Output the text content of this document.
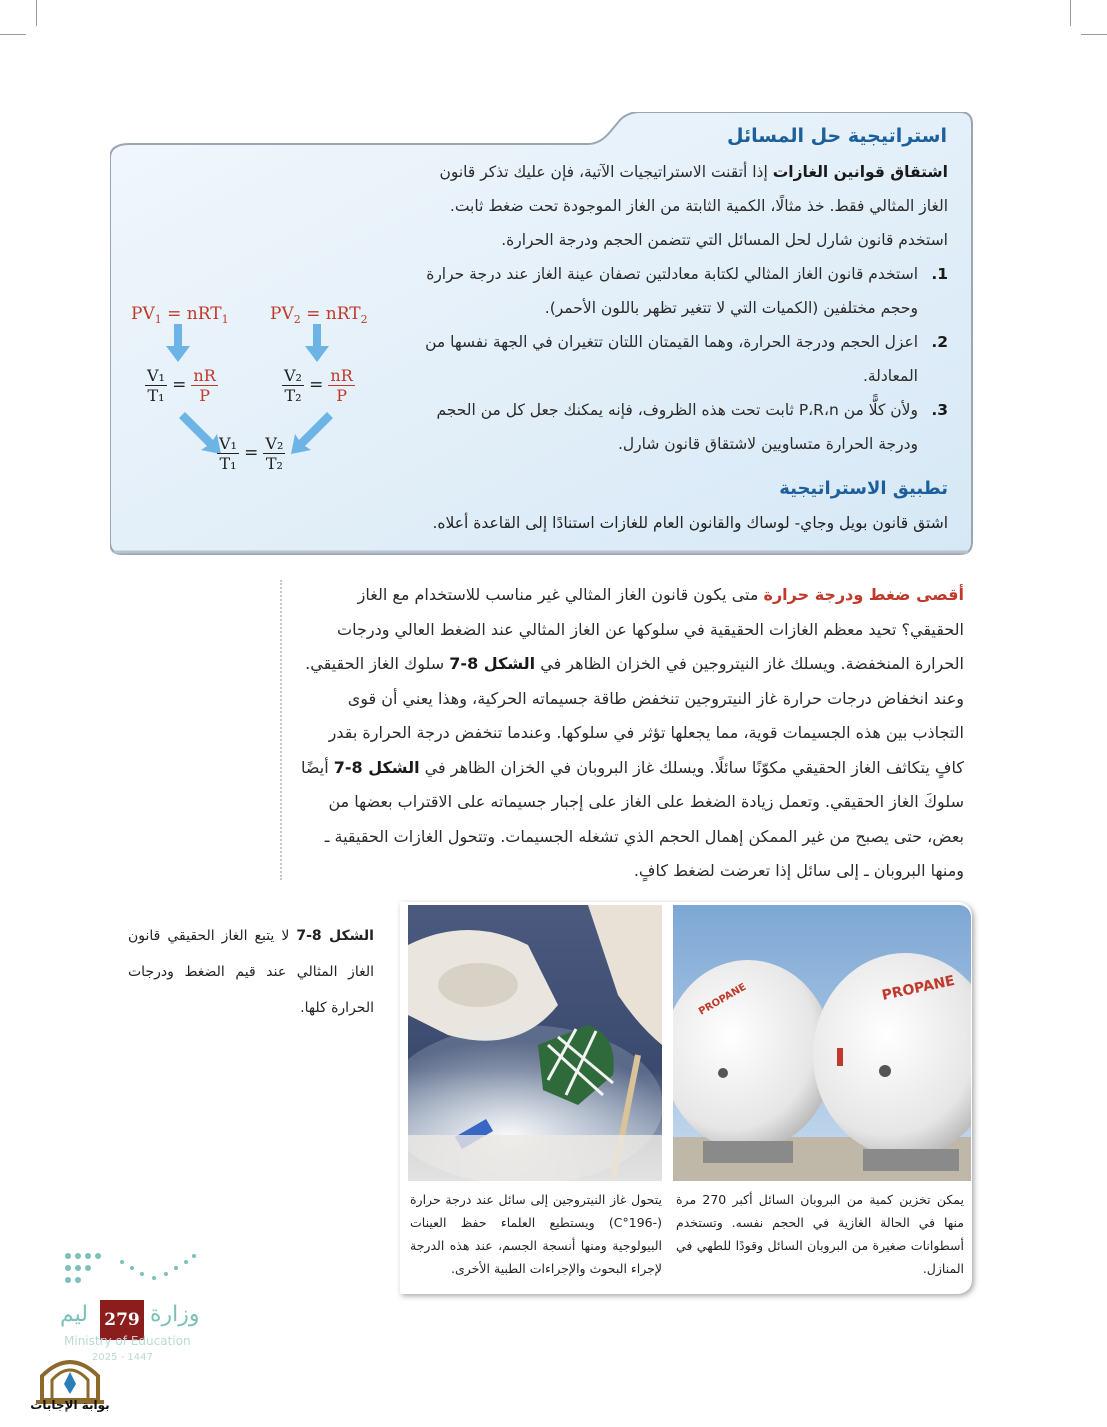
استراتيجية حل المسائل
اشتقاق قوانين الغازات إذا أتقنت الاستراتيجيات الآتية، فإن عليك تذكر قانون الغاز المثالي فقط. خذ مثالًا، الكمية الثابتة من الغاز الموجودة تحت ضغط ثابت. استخدم قانون شارل لحل المسائل التي تتضمن الحجم ودرجة الحرارة.
1.
استخدم قانون الغاز المثالي لكتابة معادلتين تصفان عينة الغاز عند درجة حرارة وحجم مختلفين (الكميات التي لا تتغير تظهر باللون الأحمر).
2.
اعزل الحجم ودرجة الحرارة، وهما القيمتان اللتان تتغيران في الجهة نفسها من المعادلة.
3.
ولأن كلًّا من P،R،n ثابت تحت هذه الظروف، فإنه يمكنك جعل كل من الحجم ودرجة الحرارة متساويين لاشتقاق قانون شارل.
تطبيق الاستراتيجية
اشتق قانون بويل وجاي- لوساك والقانون العام للغازات استنادًا إلى القاعدة أعلاه.
$PV_1 = nRT_1$ $PV_2 = nRT_2$
$\frac{\text{V₁}}{\text{T₁}} = \frac{nR}{P}$	$\frac{\text{V₂}}{\text{T₂}} = \frac{nR}{P}$
$\frac{\text{V₁}}{\text{T₁}} = \frac{\text{V₂}}{\text{T₂}}$
أقصى ضغط ودرجة حرارة متى يكون قانون الغاز المثالي غير مناسب للاستخدام مع الغاز الحقيقي؟ تحيد معظم الغازات الحقيقية في سلوكها عن الغاز المثالي عند الضغط العالي ودرجات الحرارة المنخفضة. ويسلك غاز النيتروجين في الخزان الظاهر في الشكل 8-7 سلوك الغاز الحقيقي. وعند انخفاض درجات حرارة غاز النيتروجين تنخفض طاقة جسيماته الحركية، وهذا يعني أن قوى التجاذب بين هذه الجسيمات قوية، مما يجعلها تؤثر في سلوكها. وعندما تنخفض درجة الحرارة بقدر كافٍ يتكاثف الغاز الحقيقي مكوّنًا سائلًا. ويسلك غاز البروبان في الخزان الظاهر في الشكل 8-7 أيضًا سلوكَ الغاز الحقيقي. وتعمل زيادة الضغط على الغاز على إجبار جسيماته على الاقتراب بعضها من بعض، حتى يصبح من غير الممكن إهمال الحجم الذي تشغله الجسيمات. وتتحول الغازات الحقيقية ـ ومنها البروبان ـ إلى سائل إذا تعرضت لضغط كافٍ.
الشكل 8-7 لا يتبع الغاز الحقيقي قانون الغاز المثالي عند قيم الضغط ودرجات الحرارة كلها.
PROPANE
PROPANE
يمكن تخزين كمية من البروبان السائل أكبر 270 مرة منها في الحالة الغازية في الحجم نفسه. وتستخدم أسطوانات صغيرة من البروبان السائل وقودًا للطهي في المنازل.
يتحول غاز النيتروجين إلى سائل عند درجة حرارة (-196°C) ويستطيع العلماء حفظ العينات البيولوجية ومنها أنسجة الجسم، عند هذه الدرجة لإجراء البحوث والإجراءات الطبية الأخرى.
ليم 279 وزارة
Ministry of Education
2025 - 1447
بوابة الإجابات
